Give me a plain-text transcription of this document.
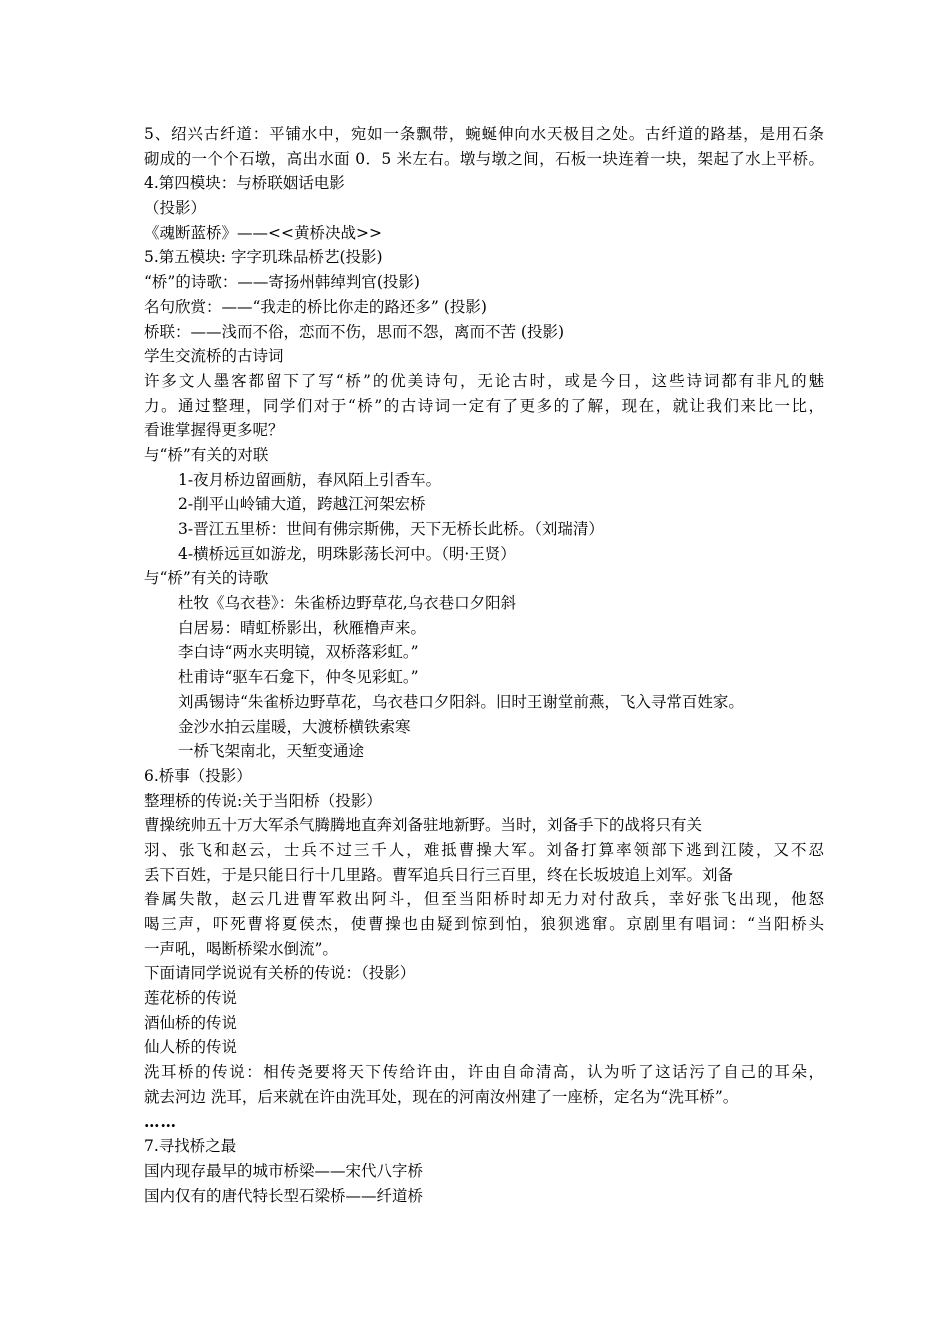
5、绍兴古纤道：平铺水中，宛如一条飘带，蜿蜒伸向水天极目之处。古纤道的路基，是用石条
砌成的一个个石墩，高出水面 0．5 米左右。墩与墩之间，石板一块连着一块，架起了水上平桥。
4.第四模块：与桥联姻话电影
（投影）
《魂断蓝桥》——<<黄桥决战>>
5.第五模块: 字字玑珠品桥艺(投影)
“桥”的诗歌：——寄扬州韩绰判官(投影)
名句欣赏：——“我走的桥比你走的路还多” (投影)
桥联：——浅而不俗，恋而不伤，思而不怨，离而不苦 (投影)
学生交流桥的古诗词
许多文人墨客都留下了写“桥”的优美诗句，无论古时，或是今日，这些诗词都有非凡的魅
力。通过整理，同学们对于“桥”的古诗词一定有了更多的了解，现在，就让我们来比一比，
看谁掌握得更多呢？
与“桥”有关的对联
1-夜月桥边留画舫，春风陌上引香车。
2-削平山岭铺大道，跨越江河架宏桥
3-晋江五里桥：世间有佛宗斯佛，天下无桥长此桥。（刘瑞清）
4-横桥远亘如游龙，明珠影荡长河中。（明·王贤）
与“桥”有关的诗歌
杜牧《乌衣巷》：朱雀桥边野草花,乌衣巷口夕阳斜
白居易：晴虹桥影出，秋雁橹声来。
李白诗“两水夹明镜，双桥落彩虹。”
杜甫诗“驱车石龛下，仲冬见彩虹。”
刘禹锡诗“朱雀桥边野草花，乌衣巷口夕阳斜。旧时王谢堂前燕，飞入寻常百姓家。
金沙水拍云崖暖，大渡桥横铁索寒
一桥飞架南北，天堑变通途
6.桥事（投影）
整理桥的传说:关于当阳桥（投影）
曹操统帅五十万大军杀气腾腾地直奔刘备驻地新野。当时，刘备手下的战将只有关
羽、张飞和赵云，士兵不过三千人，难抵曹操大军。刘备打算率领部下逃到江陵，又不忍
丢下百姓，于是只能日行十几里路。曹军追兵日行三百里，终在长坂坡追上刘军。刘备
眷属失散，赵云几进曹军救出阿斗，但至当阳桥时却无力对付敌兵，幸好张飞出现，他怒
喝三声，吓死曹将夏侯杰，使曹操也由疑到惊到怕，狼狈逃窜。京剧里有唱词：“当阳桥头
一声吼，喝断桥梁水倒流”。
下面请同学说说有关桥的传说：（投影）
莲花桥的传说
酒仙桥的传说
仙人桥的传说
洗耳桥的传说：相传尧要将天下传给许由，许由自命清高，认为听了这话污了自己的耳朵，
就去河边 洗耳，后来就在许由洗耳处，现在的河南汝州建了一座桥，定名为“洗耳桥”。
……
7.寻找桥之最
国内现存最早的城市桥梁——宋代八字桥
国内仅有的唐代特长型石梁桥——纤道桥
